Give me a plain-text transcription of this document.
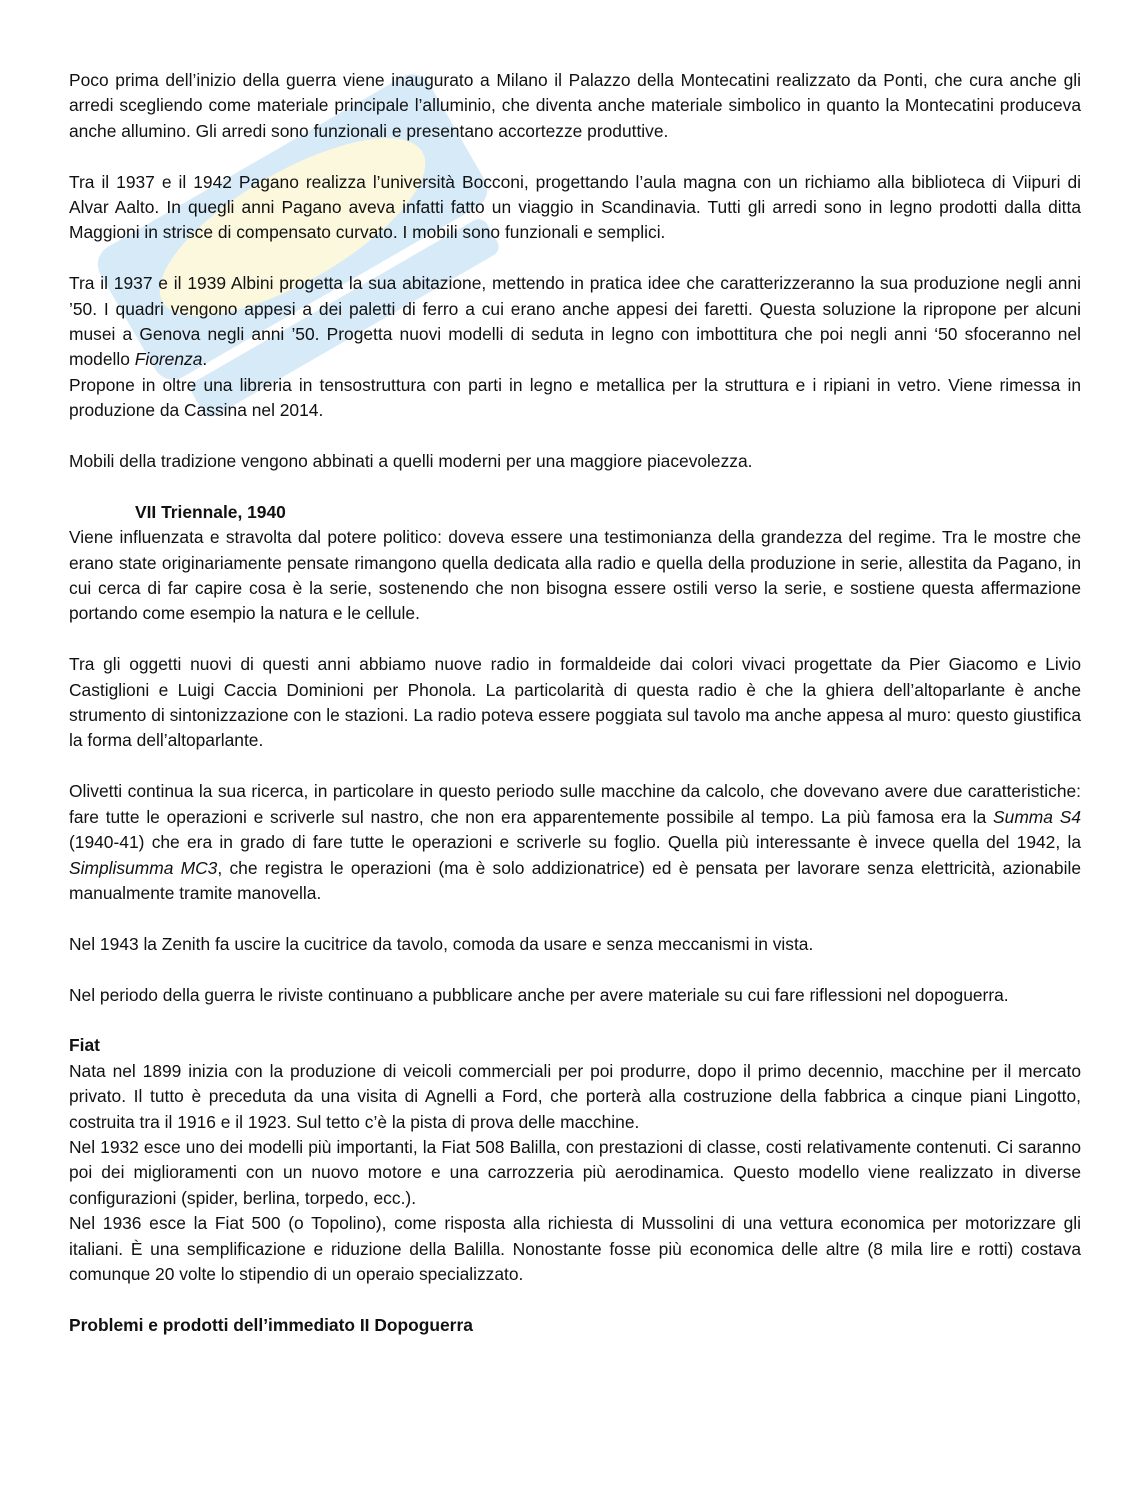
Poco prima dell’inizio della guerra viene inaugurato a Milano il Palazzo della Montecatini realizzato da Ponti, che cura anche gli arredi scegliendo come materiale principale l’alluminio, che diventa anche materiale simbolico in quanto la Montecatini produceva anche allumino. Gli arredi sono funzionali e presentano accortezze produttive.

Tra il 1937 e il 1942 Pagano realizza l’università Bocconi, progettando l’aula magna con un richiamo alla biblioteca di Viipuri di Alvar Aalto. In quegli anni Pagano aveva infatti fatto un viaggio in Scandinavia. Tutti gli arredi sono in legno prodotti dalla ditta Maggioni in strisce di compensato curvato. I mobili sono funzionali e semplici.

Tra il 1937 e il 1939 Albini progetta la sua abitazione, mettendo in pratica idee che caratterizzeranno la sua produzione negli anni ’50. I quadri vengono appesi a dei paletti di ferro a cui erano anche appesi dei faretti. Questa soluzione la ripropone per alcuni musei a Genova negli anni ’50. Progetta nuovi modelli di seduta in legno con imbottitura che poi negli anni ‘50 sfoceranno nel modello Fiorenza.

Propone in oltre una libreria in tensostruttura con parti in legno e metallica per la struttura e i ripiani in vetro. Viene rimessa in produzione da Cassina nel 2014.

Mobili della tradizione vengono abbinati a quelli moderni per una maggiore piacevolezza.

VII Triennale, 1940

Viene influenzata e stravolta dal potere politico: doveva essere una testimonianza della grandezza del regime. Tra le mostre che erano state originariamente pensate rimangono quella dedicata alla radio e quella della produzione in serie, allestita da Pagano, in cui cerca di far capire cosa è la serie, sostenendo che non bisogna essere ostili verso la serie, e sostiene questa affermazione portando come esempio la natura e le cellule.

Tra gli oggetti nuovi di questi anni abbiamo nuove radio in formaldeide dai colori vivaci progettate da Pier Giacomo e Livio Castiglioni e Luigi Caccia Dominioni per Phonola. La particolarità di questa radio è che la ghiera dell’altoparlante è anche strumento di sintonizzazione con le stazioni. La radio poteva essere poggiata sul tavolo ma anche appesa al muro: questo giustifica la forma dell’altoparlante.

Olivetti continua la sua ricerca, in particolare in questo periodo sulle macchine da calcolo, che dovevano avere due caratteristiche: fare tutte le operazioni e scriverle sul nastro, che non era apparentemente possibile al tempo. La più famosa era la Summa S4 (1940-41) che era in grado di fare tutte le operazioni e scriverle su foglio. Quella più interessante è invece quella del 1942, la Simplisumma MC3, che registra le operazioni (ma è solo addizionatrice) ed è pensata per lavorare senza elettricità, azionabile manualmente tramite manovella.

Nel 1943 la Zenith fa uscire la cucitrice da tavolo, comoda da usare e senza meccanismi in vista.

Nel periodo della guerra le riviste continuano a pubblicare anche per avere materiale su cui fare riflessioni nel dopoguerra.

Fiat

Nata nel 1899 inizia con la produzione di veicoli commerciali per poi produrre, dopo il primo decennio, macchine per il mercato privato. Il tutto è preceduta da una visita di Agnelli a Ford, che porterà alla costruzione della fabbrica a cinque piani Lingotto, costruita tra il 1916 e il 1923. Sul tetto c’è la pista di prova delle macchine.

Nel 1932 esce uno dei modelli più importanti, la Fiat 508 Balilla, con prestazioni di classe, costi relativamente contenuti. Ci saranno poi dei miglioramenti con un nuovo motore e una carrozzeria più aerodinamica. Questo modello viene realizzato in diverse configurazioni (spider, berlina, torpedo, ecc.).

Nel 1936 esce la Fiat 500 (o Topolino), come risposta alla richiesta di Mussolini di una vettura economica per motorizzare gli italiani. È una semplificazione e riduzione della Balilla. Nonostante fosse più economica delle altre (8 mila lire e rotti) costava comunque 20 volte lo stipendio di un operaio specializzato.

Problemi e prodotti dell’immediato II Dopoguerra
